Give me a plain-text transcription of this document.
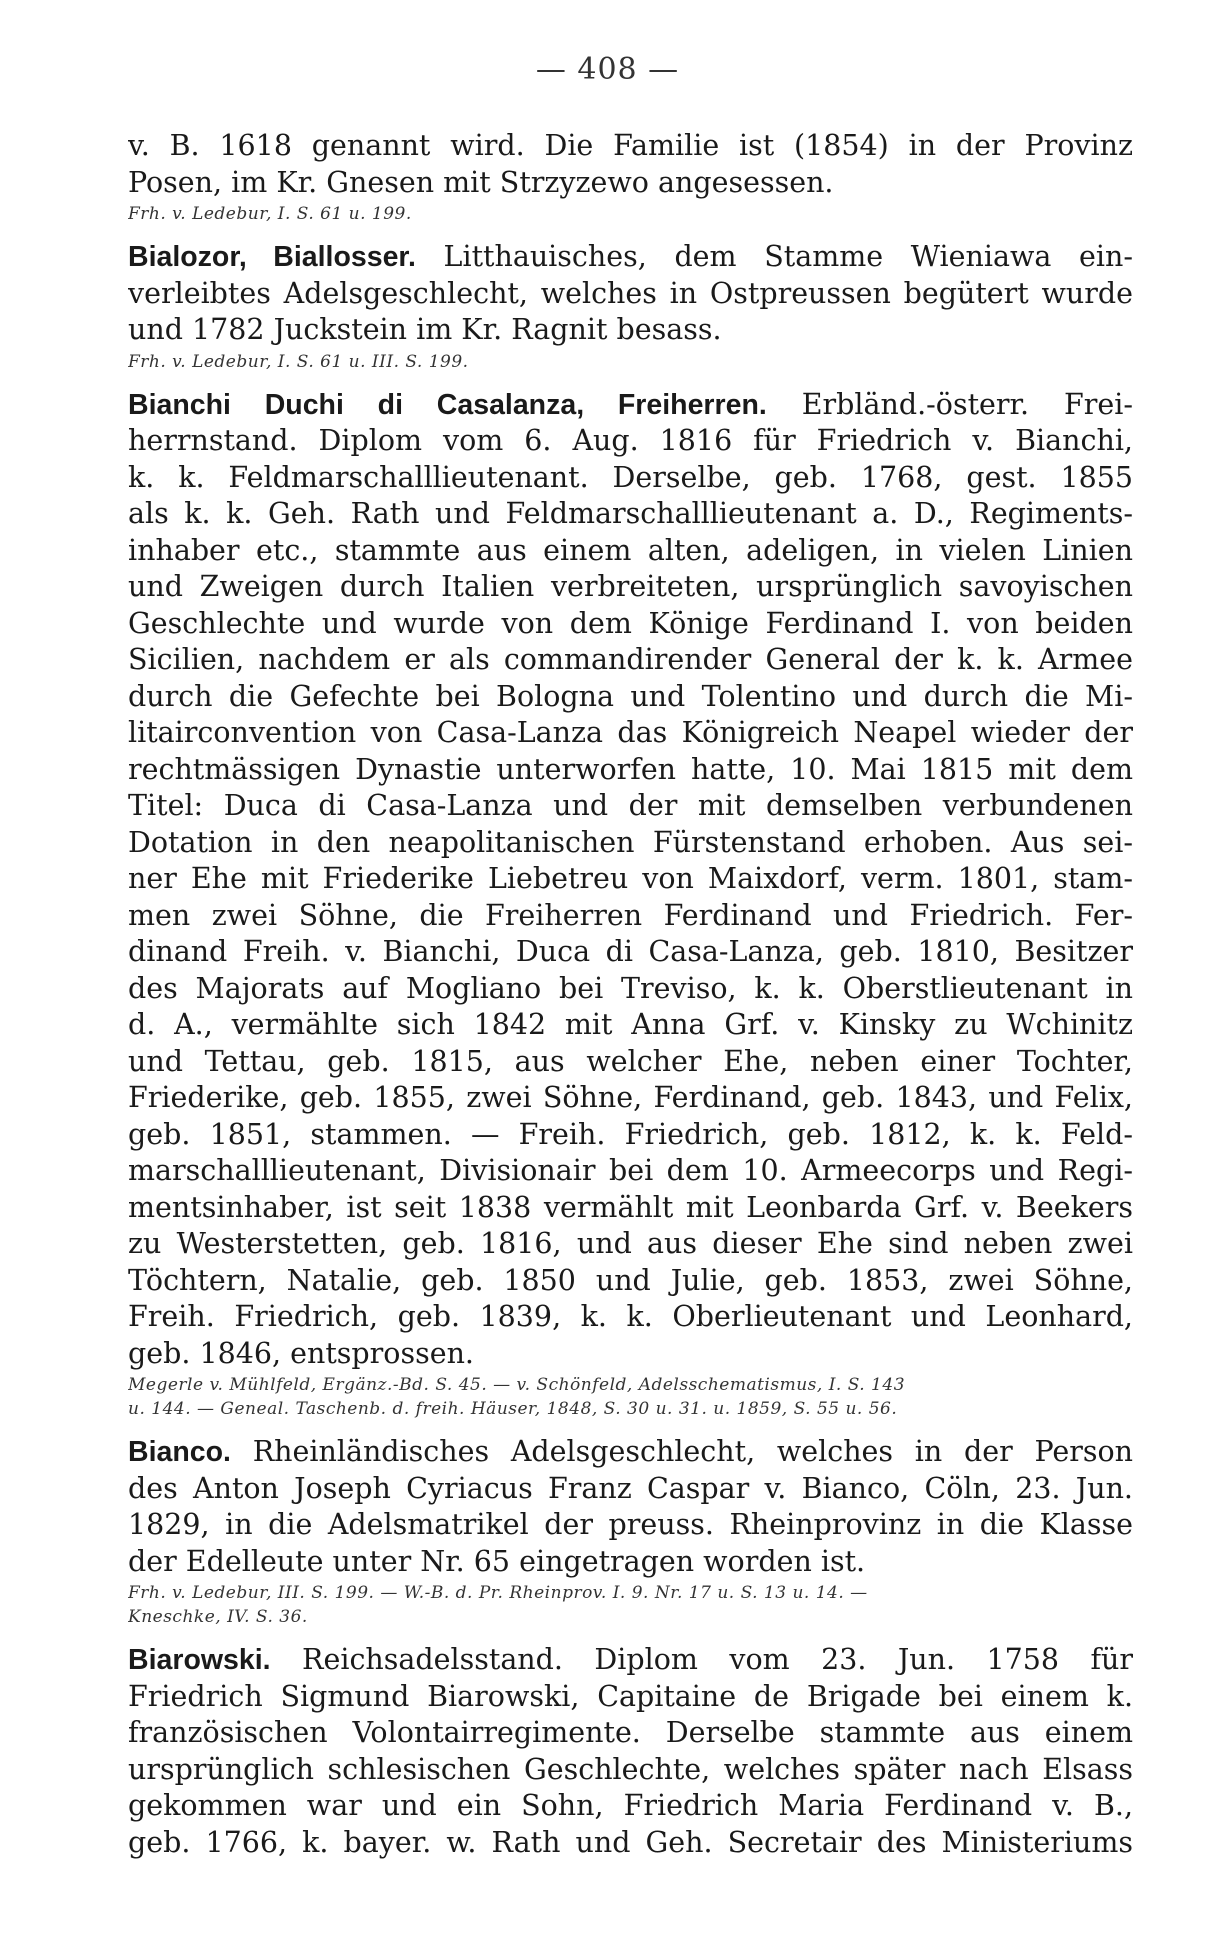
— 408 —
v. B. 1618 genannt wird. Die Familie ist (1854) in der Provinz
Posen, im Kr. Gnesen mit Strzyzewo angesessen.
Frh. v. Ledebur, I. S. 61 u. 199.
Bialozor, Biallosser. Litthauisches, dem Stamme Wieniawa ein-
verleibtes Adelsgeschlecht, welches in Ostpreussen begütert wurde
und 1782 Juckstein im Kr. Ragnit besass.
Frh. v. Ledebur, I. S. 61 u. III. S. 199.
Bianchi Duchi di Casalanza, Freiherren. Erbländ.-österr. Frei-
herrnstand. Diplom vom 6. Aug. 1816 für Friedrich v. Bianchi,
k. k. Feldmarschalllieutenant. Derselbe, geb. 1768, gest. 1855
als k. k. Geh. Rath und Feldmarschalllieutenant a. D., Regiments-
inhaber etc., stammte aus einem alten, adeligen, in vielen Linien
und Zweigen durch Italien verbreiteten, ursprünglich savoyischen
Geschlechte und wurde von dem Könige Ferdinand I. von beiden
Sicilien, nachdem er als commandirender General der k. k. Armee
durch die Gefechte bei Bologna und Tolentino und durch die Mi-
litairconvention von Casa-Lanza das Königreich Neapel wieder der
rechtmässigen Dynastie unterworfen hatte, 10. Mai 1815 mit dem
Titel: Duca di Casa-Lanza und der mit demselben verbundenen
Dotation in den neapolitanischen Fürstenstand erhoben. Aus sei-
ner Ehe mit Friederike Liebetreu von Maixdorf, verm. 1801, stam-
men zwei Söhne, die Freiherren Ferdinand und Friedrich. Fer-
dinand Freih. v. Bianchi, Duca di Casa-Lanza, geb. 1810, Besitzer
des Majorats auf Mogliano bei Treviso, k. k. Oberstlieutenant in
d. A., vermählte sich 1842 mit Anna Grf. v. Kinsky zu Wchinitz
und Tettau, geb. 1815, aus welcher Ehe, neben einer Tochter,
Friederike, geb. 1855, zwei Söhne, Ferdinand, geb. 1843, und Felix,
geb. 1851, stammen. — Freih. Friedrich, geb. 1812, k. k. Feld-
marschalllieutenant, Divisionair bei dem 10. Armeecorps und Regi-
mentsinhaber, ist seit 1838 vermählt mit Leonbarda Grf. v. Beekers
zu Westerstetten, geb. 1816, und aus dieser Ehe sind neben zwei
Töchtern, Natalie, geb. 1850 und Julie, geb. 1853, zwei Söhne,
Freih. Friedrich, geb. 1839, k. k. Oberlieutenant und Leonhard,
geb. 1846, entsprossen.
Megerle v. Mühlfeld, Ergänz.-Bd. S. 45. — v. Schönfeld, Adelsschematismus, I. S. 143
u. 144. — Geneal. Taschenb. d. freih. Häuser, 1848, S. 30 u. 31. u. 1859, S. 55 u. 56.
Bianco. Rheinländisches Adelsgeschlecht, welches in der Person
des Anton Joseph Cyriacus Franz Caspar v. Bianco, Cöln, 23. Jun.
1829, in die Adelsmatrikel der preuss. Rheinprovinz in die Klasse
der Edelleute unter Nr. 65 eingetragen worden ist.
Frh. v. Ledebur, III. S. 199. — W.-B. d. Pr. Rheinprov. I. 9. Nr. 17 u. S. 13 u. 14. —
Kneschke, IV. S. 36.
Biarowski. Reichsadelsstand. Diplom vom 23. Jun. 1758 für
Friedrich Sigmund Biarowski, Capitaine de Brigade bei einem k.
französischen Volontairregimente. Derselbe stammte aus einem
ursprünglich schlesischen Geschlechte, welches später nach Elsass
gekommen war und ein Sohn, Friedrich Maria Ferdinand v. B.,
geb. 1766, k. bayer. w. Rath und Geh. Secretair des Ministeriums
